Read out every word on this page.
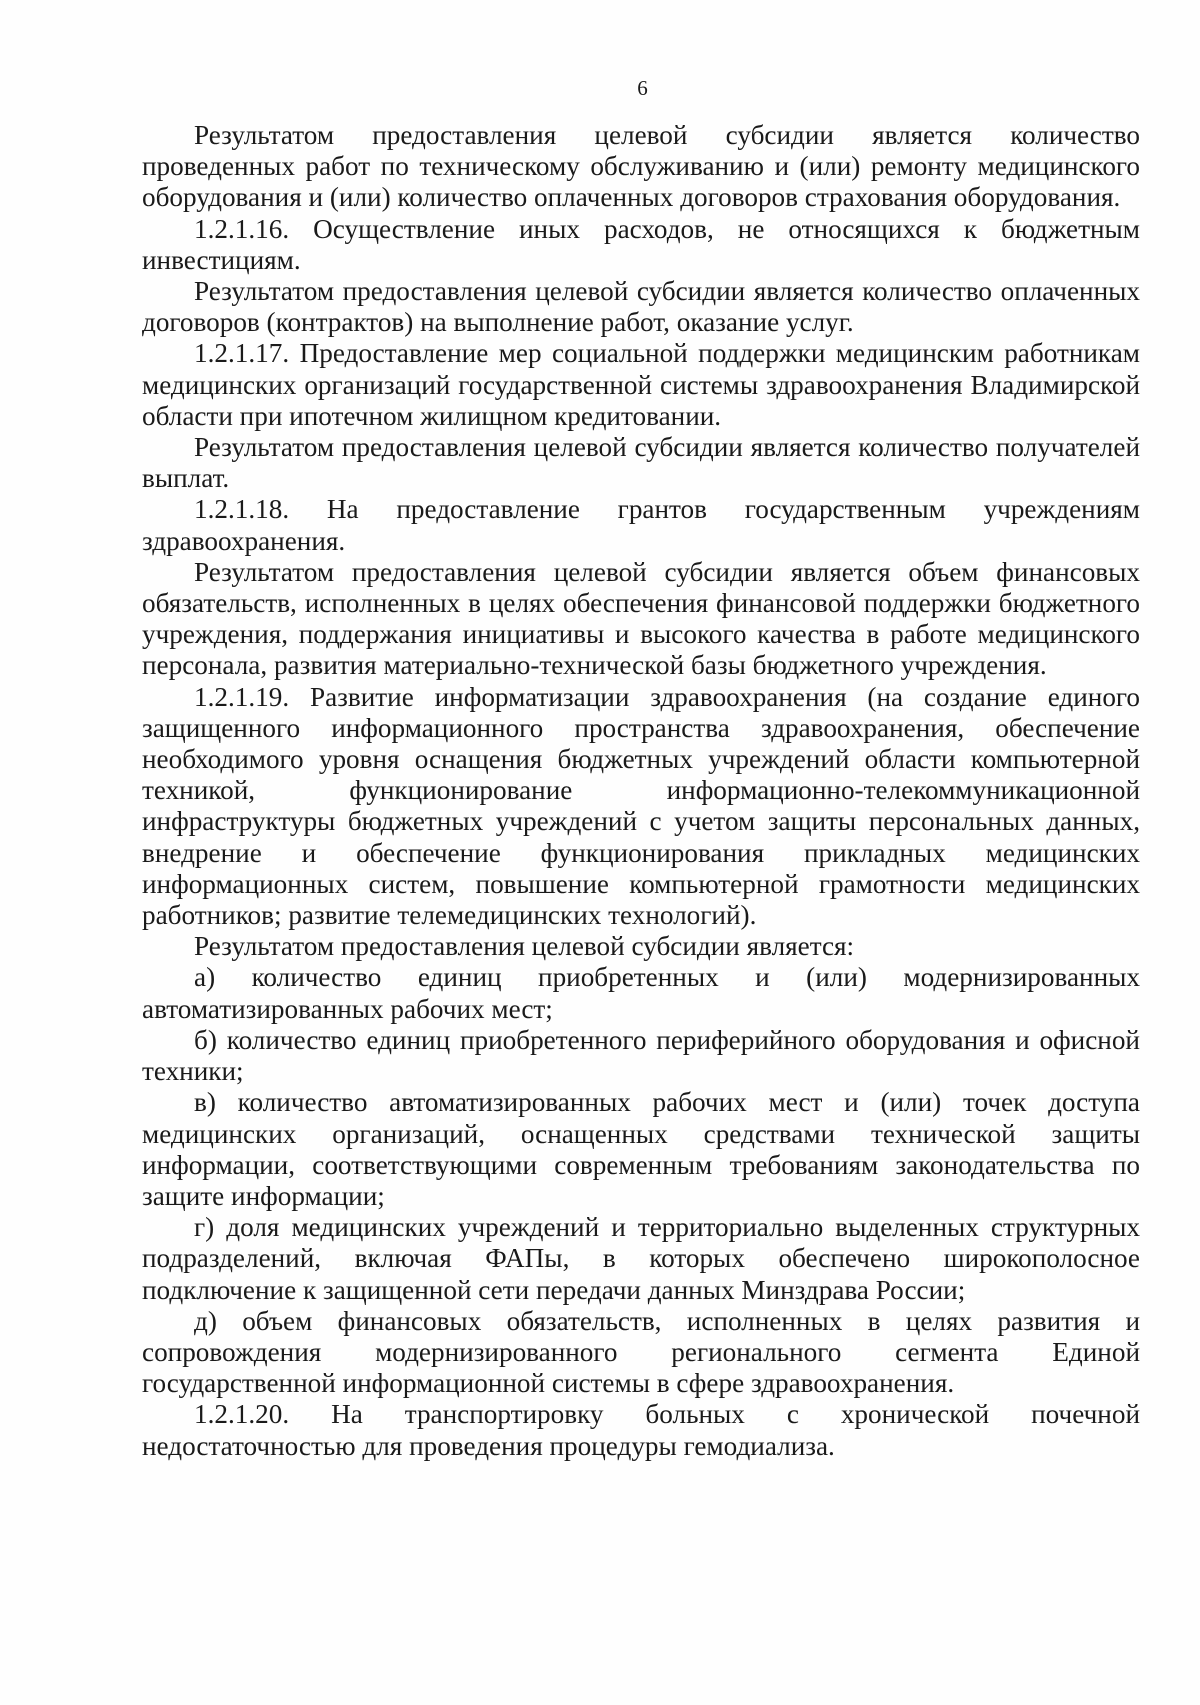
6

Результатом предоставления целевой субсидии является количество проведенных работ по техническому обслуживанию и (или) ремонту медицинского оборудования и (или) количество оплаченных договоров страхования оборудования.

1.2.1.16. Осуществление иных расходов, не относящихся к бюджетным инвестициям.

Результатом предоставления целевой субсидии является количество оплаченных договоров (контрактов) на выполнение работ, оказание услуг.

1.2.1.17. Предоставление мер социальной поддержки медицинским работникам медицинских организаций государственной системы здравоохранения Владимирской области при ипотечном жилищном кредитовании.

Результатом предоставления целевой субсидии является количество получателей выплат.

1.2.1.18. На предоставление грантов государственным учреждениям здравоохранения.

Результатом предоставления целевой субсидии является объем финансовых обязательств, исполненных в целях обеспечения финансовой поддержки бюджетного учреждения, поддержания инициативы и высокого качества в работе медицинского персонала, развития материально-технической базы бюджетного учреждения.

1.2.1.19. Развитие информатизации здравоохранения (на создание единого защищенного информационного пространства здравоохранения, обеспечение необходимого уровня оснащения бюджетных учреждений области компьютерной техникой, функционирование информационно-телекоммуникационной инфраструктуры бюджетных учреждений с учетом защиты персональных данных, внедрение и обеспечение функционирования прикладных медицинских информационных систем, повышение компьютерной грамотности медицинских работников; развитие телемедицинских технологий).

Результатом предоставления целевой субсидии является:

а) количество единиц приобретенных и (или) модернизированных автоматизированных рабочих мест;

б) количество единиц приобретенного периферийного оборудования и офисной техники;

в) количество автоматизированных рабочих мест и (или) точек доступа медицинских организаций, оснащенных средствами технической защиты информации, соответствующими современным требованиям законодательства по защите информации;

г) доля медицинских учреждений и территориально выделенных структурных подразделений, включая ФАПы, в которых обеспечено широкополосное подключение к защищенной сети передачи данных Минздрава России;

д) объем финансовых обязательств, исполненных в целях развития и сопровождения модернизированного регионального сегмента Единой государственной информационной системы в сфере здравоохранения.

1.2.1.20. На транспортировку больных с хронической почечной недостаточностью для проведения процедуры гемодиализа.
